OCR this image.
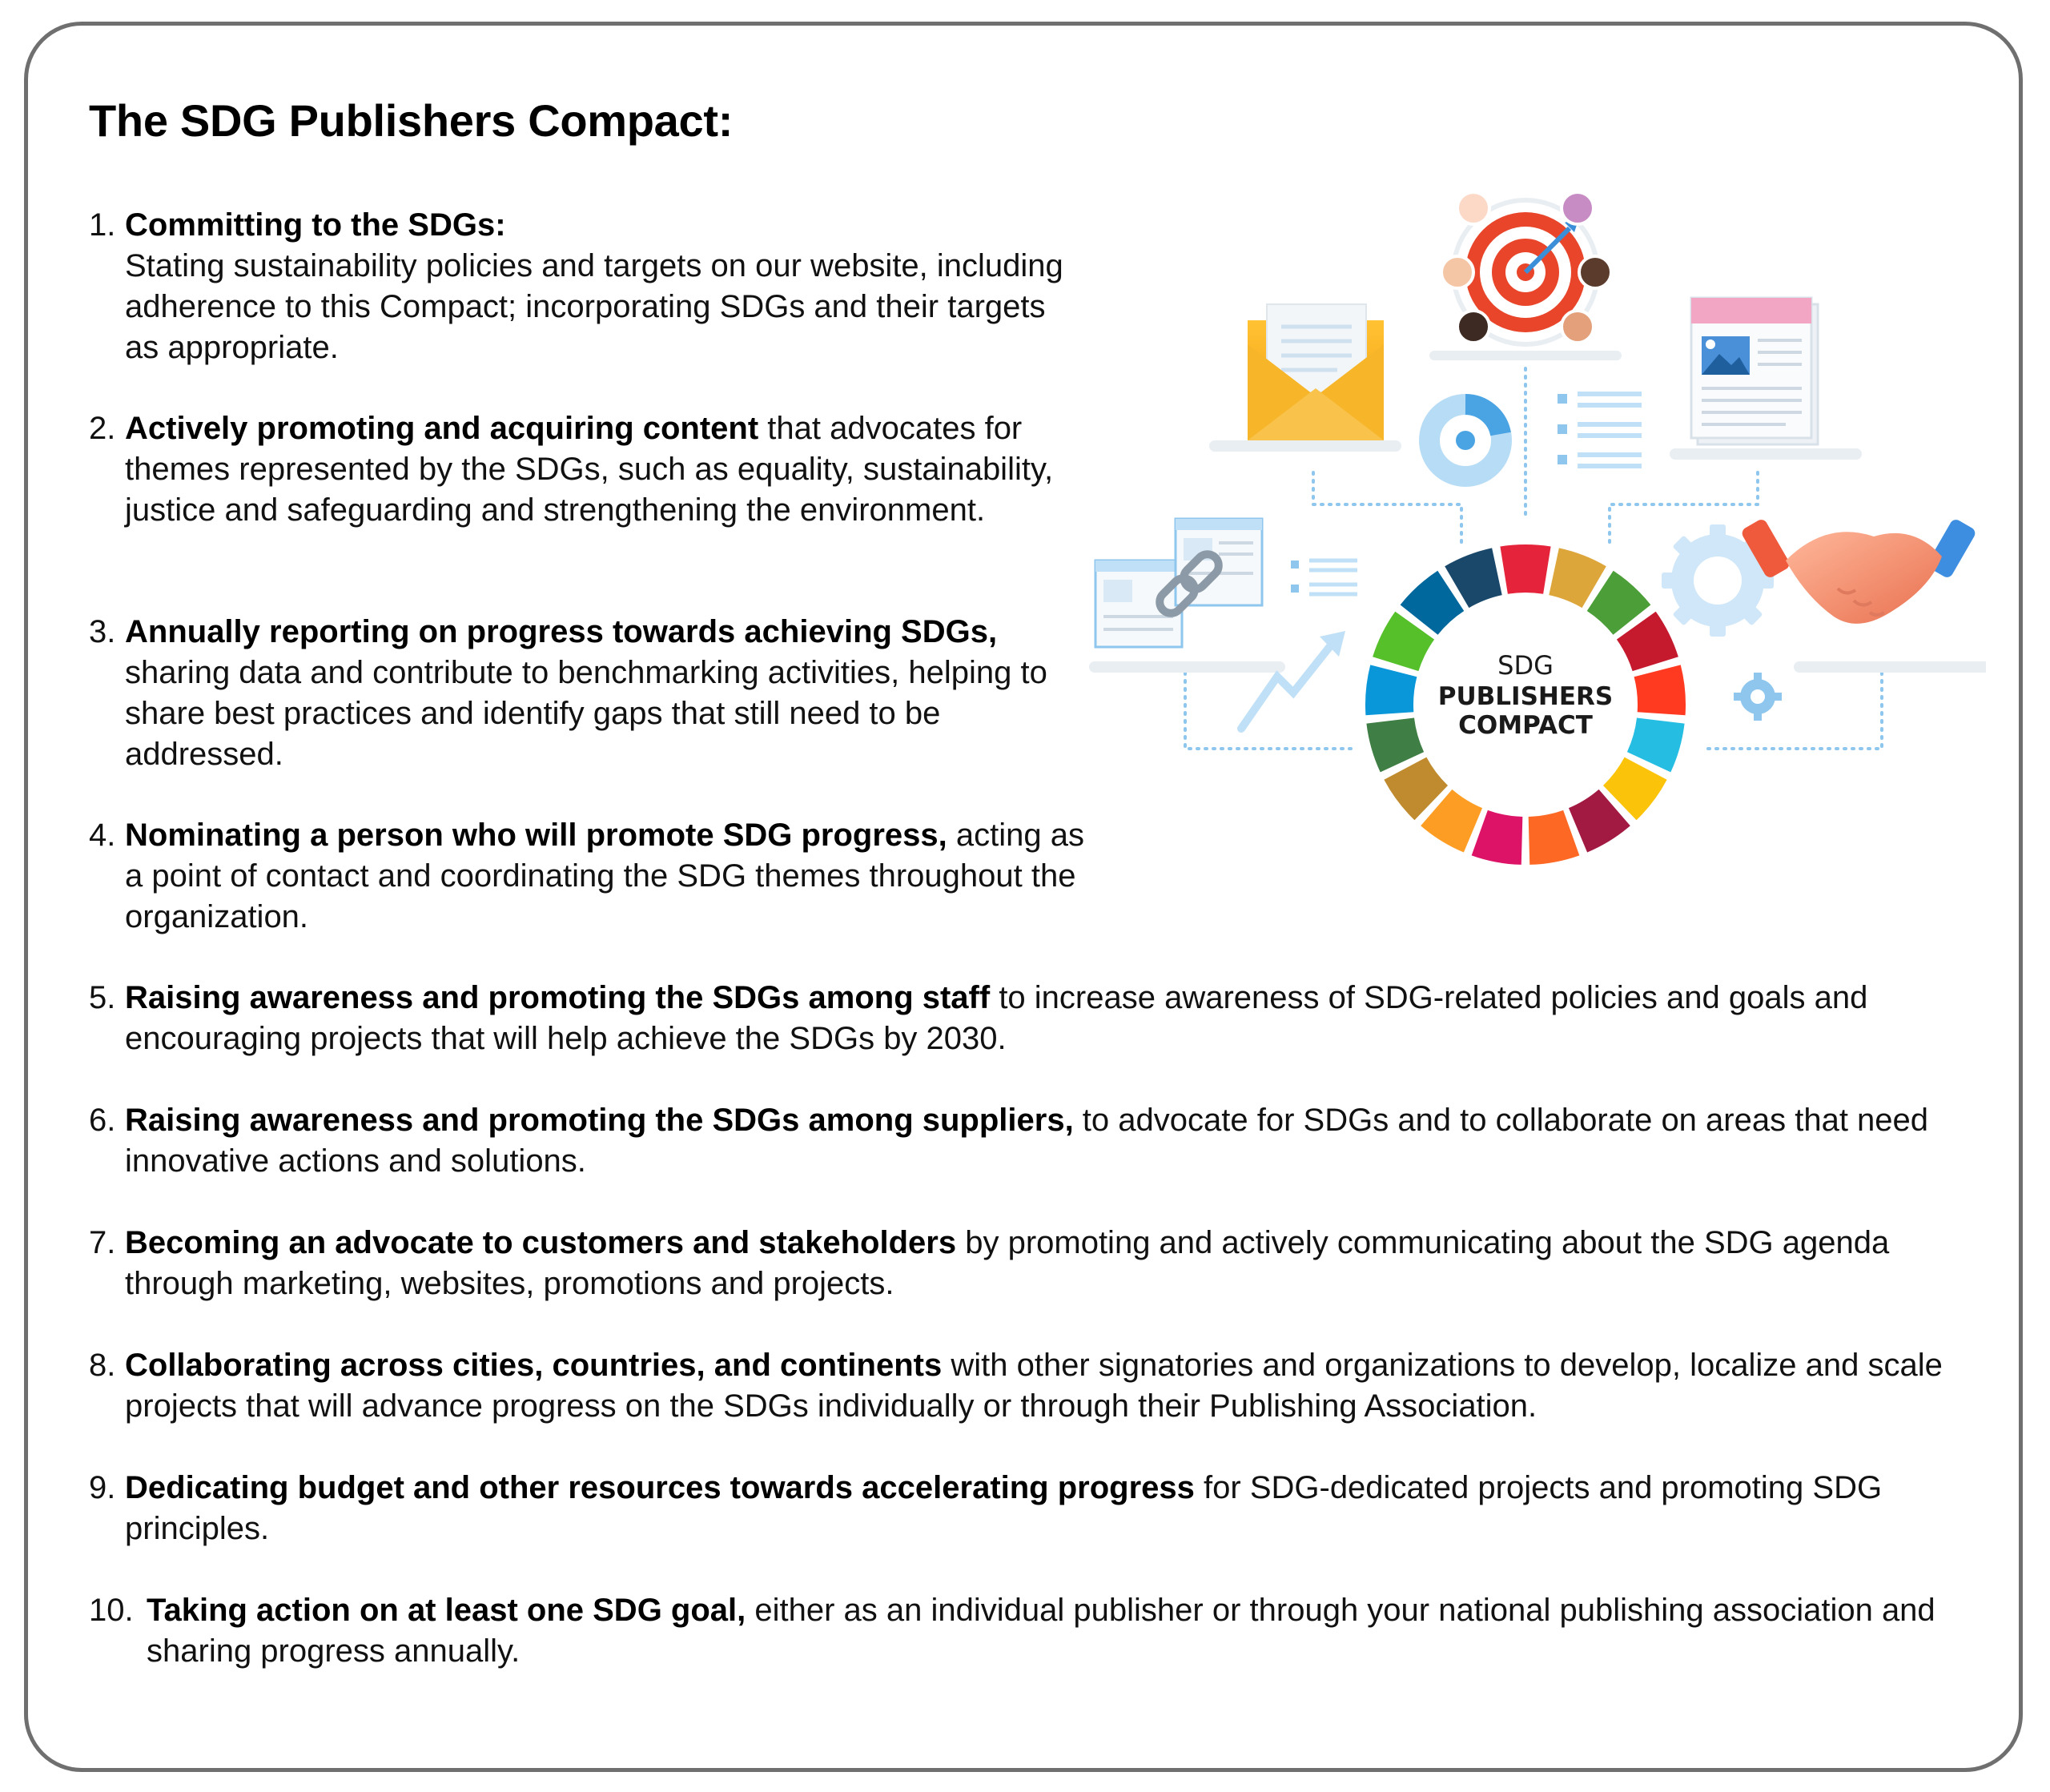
The SDG Publishers Compact:
1. Committing to the SDGs:
Stating sustainability policies and targets on our website, including adherence to this Compact; incorporating SDGs and their targets as appropriate.
2. Actively promoting and acquiring content that advocates for themes represented by the SDGs, such as equality, sustainability, justice and safeguarding and strengthening the environment.
3. Annually reporting on progress towards achieving SDGs, sharing data and contribute to benchmarking activities, helping to share best practices and identify gaps that still need to be addressed.
4. Nominating a person who will promote SDG progress, acting as a point of contact and coordinating the SDG themes throughout the organization.
5. Raising awareness and promoting the SDGs among staff to increase awareness of SDG-related policies and goals and encouraging projects that will help achieve the SDGs by 2030.
6. Raising awareness and promoting the SDGs among suppliers, to advocate for SDGs and to collaborate on areas that need innovative actions and solutions.
7. Becoming an advocate to customers and stakeholders by promoting and actively communicating about the SDG agenda through marketing, websites, promotions and projects.
8. Collaborating across cities, countries, and continents with other signatories and organizations to develop, localize and scale projects that will advance progress on the SDGs individually or through their Publishing Association.
9. Dedicating budget and other resources towards accelerating progress for SDG-dedicated projects and promoting SDG principles.
10. Taking action on at least one SDG goal, either as an individual publisher or through your national publishing association and sharing progress annually.
SDG
PUBLISHERS
COMPACT
